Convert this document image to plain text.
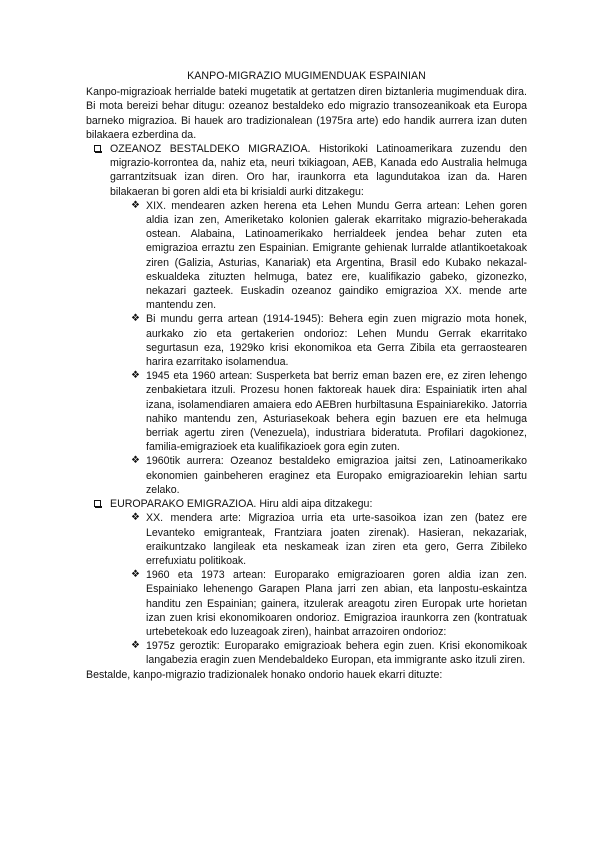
KANPO-MIGRAZIO MUGIMENDUAK ESPAINIAN

Kanpo-migrazioak herrialde bateki mugetatik at gertatzen diren biztanleria mugimenduak dira. Bi mota bereizi behar ditugu: ozeanoz bestaldeko edo migrazio transozeanikoak eta Europa barneko migrazioa. Bi hauek aro tradizionalean (1975ra arte) edo handik aurrera izan duten bilakaera ezberdina da.

OZEANOZ BESTALDEKO MIGRAZIOA. Historikoki Latinoamerikara zuzendu den migrazio-korrontea da, nahiz eta, neuri txikiagoan, AEB, Kanada edo Australia helmuga garrantzitsuak izan diren. Oro har, iraunkorra eta lagundutakoa izan da. Haren bilakaeran bi goren aldi eta bi krisialdi aurki ditzakegu:

❖ XIX. mendearen azken herena eta Lehen Mundu Gerra artean: Lehen goren aldia izan zen, Ameriketako kolonien galerak ekarritako migrazio-beherakada ostean. Alabaina, Latinoamerikako herrialdeek jendea behar zuten eta emigrazioa erraztu zen Espainian. Emigrante gehienak lurralde atlantikoetakoak ziren (Galizia, Asturias, Kanariak) eta Argentina, Brasil edo Kubako nekazal-eskualdeka zituzten helmuga, batez ere, kualifikazio gabeko, gizonezko, nekazari gazteek. Euskadin ozeanoz gaindiko emigrazioa XX. mende arte mantendu zen.

❖ Bi mundu gerra artean (1914-1945): Behera egin zuen migrazio mota honek, aurkako zio eta gertakerien ondorioz: Lehen Mundu Gerrak ekarritako segurtasun eza, 1929ko krisi ekonomikoa eta Gerra Zibila eta gerraostearen harira ezarritako isolamendua.

❖ 1945 eta 1960 artean: Susperketa bat berriz eman bazen ere, ez ziren lehengo zenbakietara itzuli. Prozesu honen faktoreak hauek dira: Espainiatik irten ahal izana, isolamendiaren amaiera edo AEBren hurbiltasuna Espainiarekiko. Jatorria nahiko mantendu zen, Asturiasekoak behera egin bazuen ere eta helmuga berriak agertu ziren (Venezuela), industriara bideratuta. Profilari dagokionez, familia-emigrazioek eta kualifikazioek gora egin zuten.

❖ 1960tik aurrera: Ozeanoz bestaldeko emigrazioa jaitsi zen, Latinoamerikako ekonomien gainbeheren eraginez eta Europako emigrazioarekin lehian sartu zelako.

EUROPARAKO EMIGRAZIOA. Hiru aldi aipa ditzakegu:

❖ XX. mendera arte: Migrazioa urria eta urte-sasoikoa izan zen (batez ere Levanteko emigranteak, Frantziara joaten zirenak). Hasieran, nekazariak, eraikuntzako langileak eta neskameak izan ziren eta gero, Gerra Zibileko errefuxiatu politikoak.

❖ 1960 eta 1973 artean: Europarako emigrazioaren goren aldia izan zen. Espainiako lehenengo Garapen Plana jarri zen abian, eta lanpostu-eskaintza handitu zen Espainian; gainera, itzulerak areagotu ziren Europak urte horietan izan zuen krisi ekonomikoaren ondorioz. Emigrazioa iraunkorra zen (kontratuak urtebetekoak edo luzeagoak ziren), hainbat arrazoiren ondorioz:

❖ 1975z geroztik: Europarako emigrazioak behera egin zuen. Krisi ekonomikoak langabezia eragin zuen Mendebaldeko Europan, eta immigrante asko itzuli ziren.

Bestalde, kanpo-migrazio tradizionalek honako ondorio hauek ekarri dituzte:
